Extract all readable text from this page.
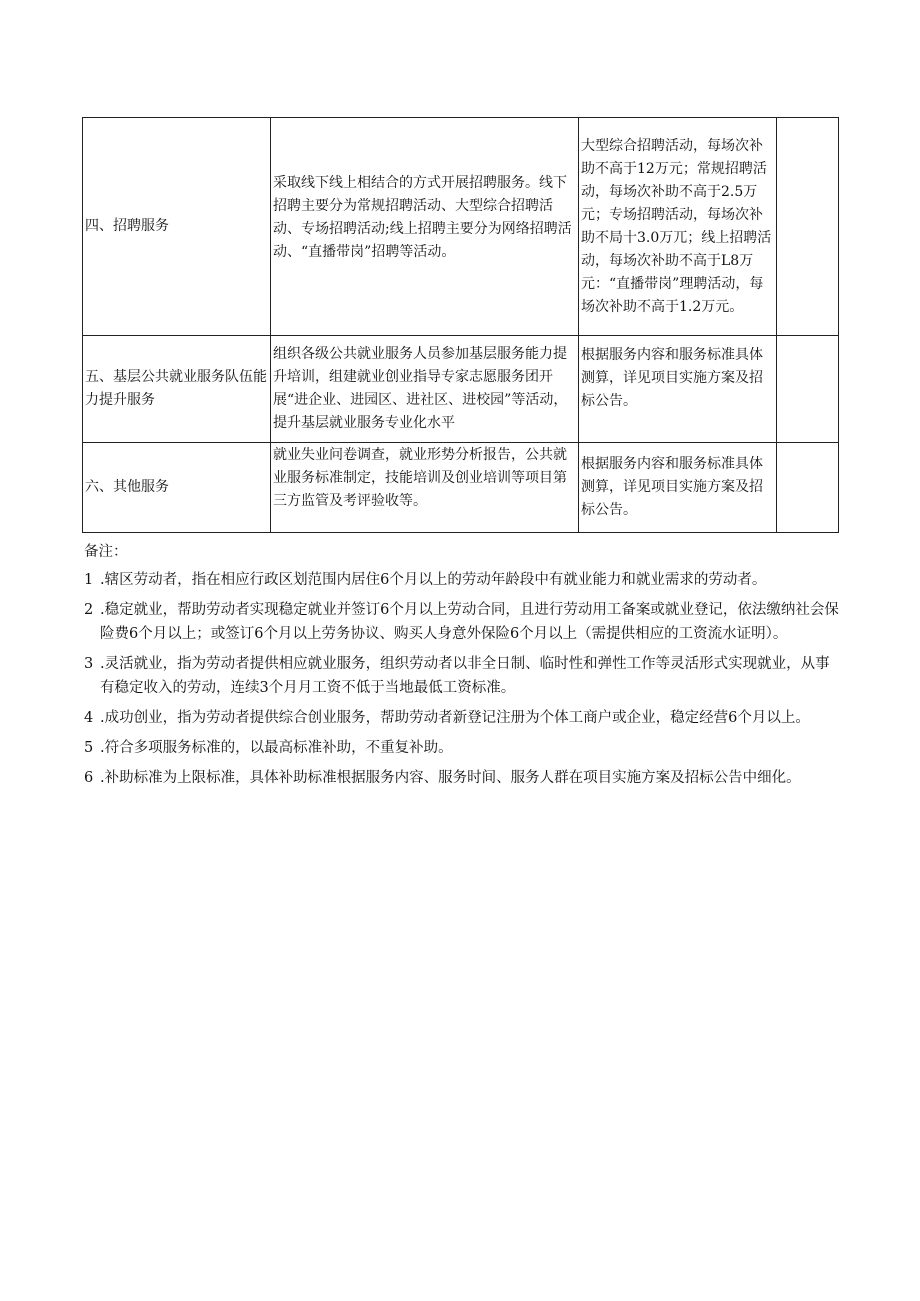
四、招聘服务	采取线下线上相结合的方式开展招聘服务。线下招聘主要分为常规招聘活动、大型综合招聘活动、专场招聘活动;线上招聘主要分为网络招聘活动、“直播带岗”招聘等活动。	大型综合招聘活动，每场次补助不高于12万元；常规招聘活动，每场次补助不高于2.5万元；专场招聘活动，每场次补助不局十3.0万兀；线上招聘活动，每场次补助不高于L8万元：“直播带岗”理聘活动，每场次补助不高于1.2万元。	

五、基层公共就业服务队伍能力提升服务	组织各级公共就业服务人员参加基层服务能力提升培训，组建就业创业指导专家志愿服务团开展“进企业、进园区、进社区、进校园”等活动，提升基层就业服务专业化水平	根据服务内容和服务标准具体测算，详见项目实施方案及招标公告。	

六、其他服务	就业失业问卷调查，就业形势分析报告，公共就业服务标准制定，技能培训及创业培训等项目第三方监管及考评验收等。	根据服务内容和服务标准具体测算，详见项目实施方案及招标公告。	

备注：
1 .辖区劳动者，指在相应行政区划范围内居住6个月以上的劳动年龄段中有就业能力和就业需求的劳动者。
2 .稳定就业，帮助劳动者实现稳定就业并签订6个月以上劳动合同，且进行劳动用工备案或就业登记，依法缴纳社会保险费6个月以上；或签订6个月以上劳务协议、购买人身意外保险6个月以上（需提供相应的工资流水证明）。
3 .灵活就业，指为劳动者提供相应就业服务，组织劳动者以非全日制、临时性和弹性工作等灵活形式实现就业，从事有稳定收入的劳动，连续3个月月工资不低于当地最低工资标准。
4 .成功创业，指为劳动者提供综合创业服务，帮助劳动者新登记注册为个体工商户或企业，稳定经营6个月以上。
5 .符合多项服务标准的，以最高标准补助，不重复补助。
6 .补助标准为上限标准，具体补助标准根据服务内容、服务时间、服务人群在项目实施方案及招标公告中细化。
